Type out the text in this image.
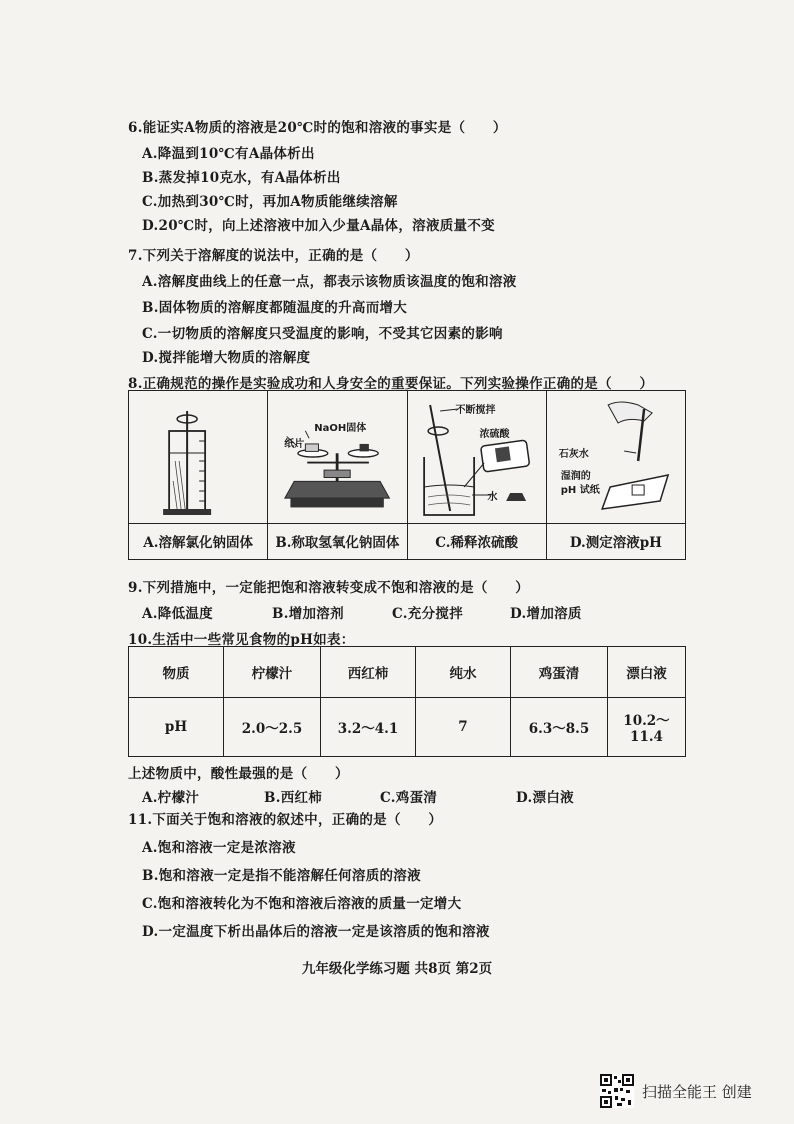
6.能证实A物质的溶液是20℃时的饱和溶液的事实是（　　）
A.降温到10℃有A晶体析出
B.蒸发掉10克水，有A晶体析出
C.加热到30℃时，再加A物质能继续溶解
D.20℃时，向上述溶液中加入少量A晶体，溶液质量不变
7.下列关于溶解度的说法中，正确的是（　　）
A.溶解度曲线上的任意一点，都表示该物质该温度的饱和溶液
B.固体物质的溶解度都随温度的升高而增大
C.一切物质的溶解度只受温度的影响，不受其它因素的影响
D.搅拌能增大物质的溶解度
8.正确规范的操作是实验成功和人身安全的重要保证。下列实验操作正确的是（　　）
A.溶解氯化钠固体
NaOH固体
纸片
B.称取氢氧化钠固体
不断搅拌
浓硫酸
水
C.稀释浓硫酸
石灰水
湿润的
pH 试纸
D.测定溶液pH
9.下列措施中，一定能把饱和溶液转变成不饱和溶液的是（　　）
A.降低温度	B.增加溶剂	C.充分搅拌	D.增加溶质
10.生活中一些常见食物的pH如表：
物质	柠檬汁	西红柿	纯水	鸡蛋清	漂白液
pH	2.0～2.5	3.2～4.1	7	6.3～8.5	10.2～11.4
上述物质中，酸性最强的是（　　）
A.柠檬汁	B.西红柿	C.鸡蛋清	D.漂白液
11.下面关于饱和溶液的叙述中，正确的是（　　）
A.饱和溶液一定是浓溶液
B.饱和溶液一定是指不能溶解任何溶质的溶液
C.饱和溶液转化为不饱和溶液后溶液的质量一定增大
D.一定温度下析出晶体后的溶液一定是该溶质的饱和溶液
九年级化学练习题 共8页 第2页
扫描全能王 创建
